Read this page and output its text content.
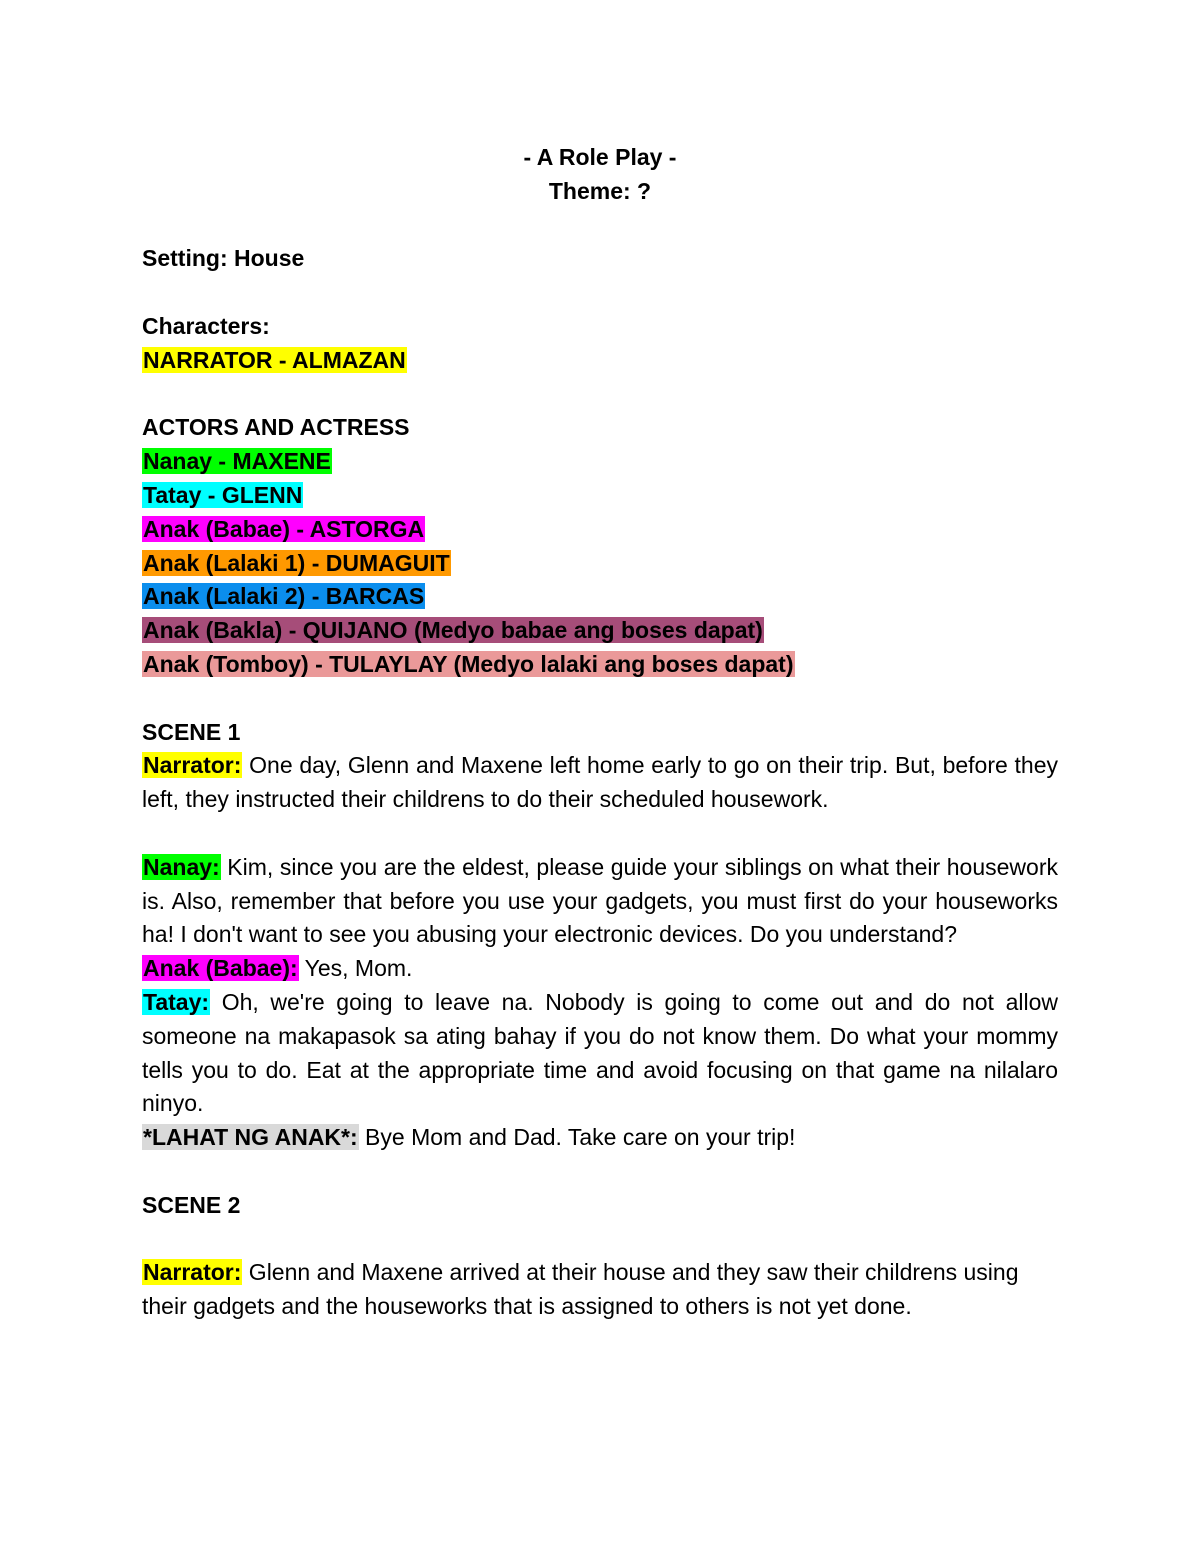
- A Role Play -

Theme: ?

Setting: House

Characters:

NARRATOR - ALMAZAN

ACTORS AND ACTRESS

Nanay - MAXENE

Tatay - GLENN

Anak (Babae) - ASTORGA

Anak (Lalaki 1) - DUMAGUIT

Anak (Lalaki 2) - BARCAS

Anak (Bakla) - QUIJANO (Medyo babae ang boses dapat)

Anak (Tomboy) - TULAYLAY (Medyo lalaki ang boses dapat)

SCENE 1

Narrator: One day, Glenn and Maxene left home early to go on their trip. But, before they left, they instructed their childrens to do their scheduled housework.

Nanay: Kim, since you are the eldest, please guide your siblings on what their housework is. Also, remember that before you use your gadgets, you must first do your houseworks ha! I don't want to see you abusing your electronic devices. Do you understand?

Anak (Babae): Yes, Mom.

Tatay: Oh, we're going to leave na. Nobody is going to come out and do not allow someone na makapasok sa ating bahay if you do not know them. Do what your mommy tells you to do. Eat at the appropriate time and avoid focusing on that game na nilalaro ninyo.

*LAHAT NG ANAK*: Bye Mom and Dad. Take care on your trip!

SCENE 2

Narrator: Glenn and Maxene arrived at their house and they saw their childrens using their gadgets and the houseworks that is assigned to others is not yet done.
